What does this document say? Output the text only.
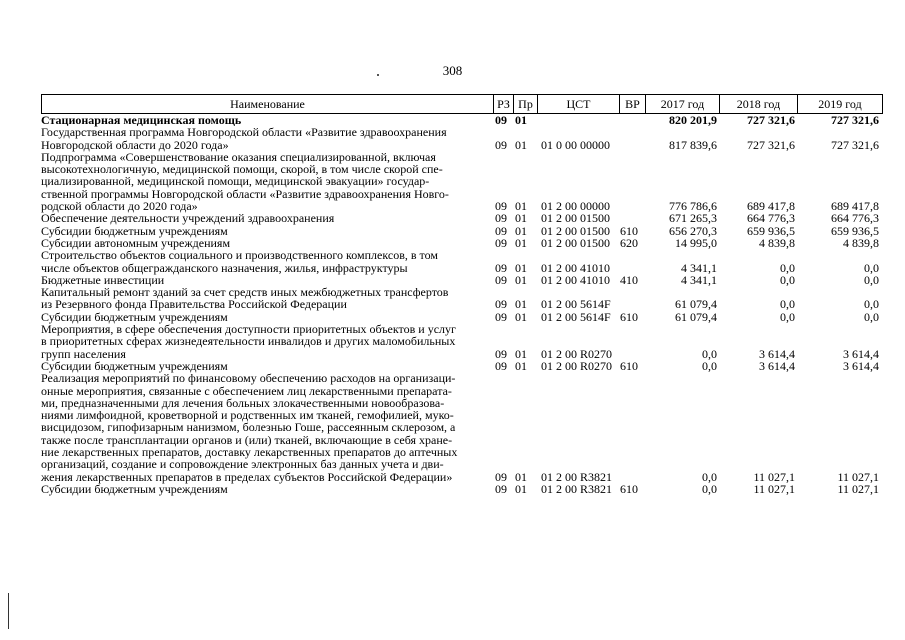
308
Наименование	РЗ Пр	ЦСТ	ВР	2017 год	2018 год	2019 год
Стационарная медицинская помощь	09 01	820 201,9	727 321,6	727 321,6
Государственная программа Новгородской области «Развитие здравоохранения
Новгородской области до 2020 года»	09 01	01 0 00 00000	817 839,6	727 321,6	727 321,6
Подпрограмма «Совершенствование оказания специализированной, включая
высокотехнологичную, медицинской помощи, скорой, в том числе скорой спе-
циализированной, медицинской помощи, медицинской эвакуации» государ-
ственной программы Новгородской области «Развитие здравоохранения Новго-
родской области до 2020 года»	09 01	01 2 00 00000	776 786,6	689 417,8	689 417,8
Обеспечение деятельности учреждений здравоохранения	09 01	01 2 00 01500	671 265,3	664 776,3	664 776,3
Субсидии бюджетным учреждениям	09 01	01 2 00 01500 610	656 270,3	659 936,5	659 936,5
Субсидии автономным учреждениям	09 01	01 2 00 01500 620	14 995,0	4 839,8	4 839,8
Строительство объектов социального и производственного комплексов, в том
числе объектов общегражданского назначения, жилья, инфраструктуры	09 01	01 2 00 41010	4 341,1	0,0	0,0
Бюджетные инвестиции	09 01	01 2 00 41010 410	4 341,1	0,0	0,0
Капитальный ремонт зданий за счет средств иных межбюджетных трансфертов
из Резервного фонда Правительства Российской Федерации	09 01	01 2 00 5614F	61 079,4	0,0	0,0
Субсидии бюджетным учреждениям	09 01	01 2 00 5614F 610	61 079,4	0,0	0,0
Мероприятия, в сфере обеспечения доступности приоритетных объектов и услуг
в приоритетных сферах жизнедеятельности инвалидов и других маломобильных
групп населения	09 01	01 2 00 R0270	0,0	3 614,4	3 614,4
Субсидии бюджетным учреждениям	09 01	01 2 00 R0270 610	0,0	3 614,4	3 614,4
Реализация мероприятий по финансовому обеспечению расходов на организаци-
онные мероприятия, связанные с обеспечением лиц лекарственными препарата-
ми, предназначенными для лечения больных злокачественными новообразова-
ниями лимфоидной, кроветворной и родственных им тканей, гемофилией, муко-
висцидозом, гипофизарным нанизмом, болезнью Гоше, рассеянным склерозом, а
также после трансплантации органов и (или) тканей, включающие в себя хране-
ние лекарственных препаратов, доставку лекарственных препаратов до аптечных
организаций, создание и сопровождение электронных баз данных учета и дви-
жения лекарственных препаратов в пределах субъектов Российской Федерации»	09 01	01 2 00 R3821	0,0	11 027,1	11 027,1
Субсидии бюджетным учреждениям	09 01	01 2 00 R3821 610	0,0	11 027,1	11 027,1
